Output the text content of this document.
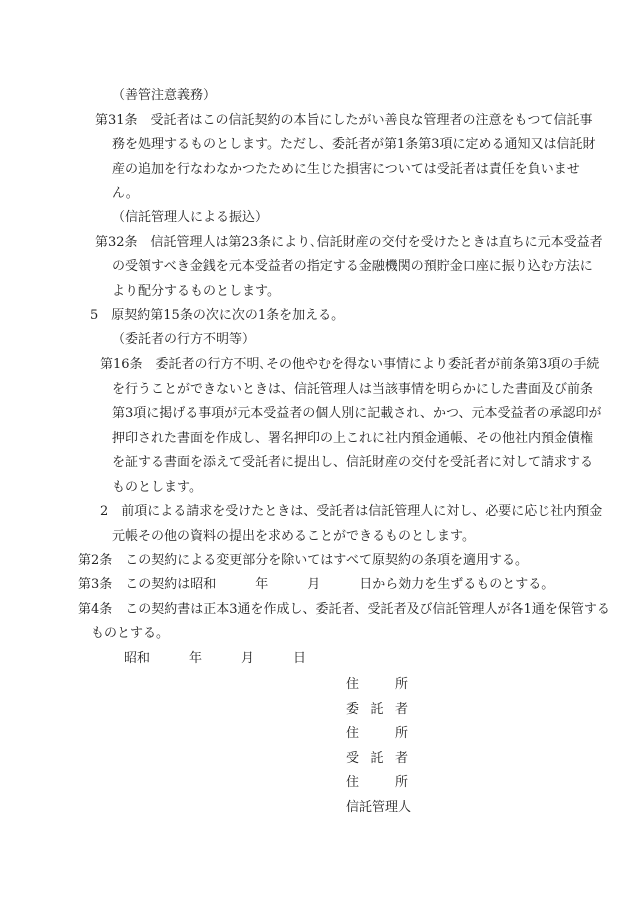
（善管注意義務）
第31条　受託者はこの信託契約の本旨にしたがい善良な管理者の注意をもつて信託事
務を処理するものとします。ただし、委託者が第1条第3項に定める通知又は信託財
産の追加を行なわなかつたために生じた損害については受託者は責任を負いませ
ん。
（信託管理人による振込）
第32条　信託管理人は第23条により､信託財産の交付を受けたときは直ちに元本受益者
の受領すべき金銭を元本受益者の指定する金融機関の預貯金口座に振り込む方法に
より配分するものとします。
5　原契約第15条の次に次の1条を加える。
（委託者の行方不明等）
第16条　委託者の行方不明､その他やむを得ない事情により委託者が前条第3項の手続
を行うことができないときは、信託管理人は当該事情を明らかにした書面及び前条
第3項に掲げる事項が元本受益者の個人別に記載され、かつ、元本受益者の承認印が
押印された書面を作成し、署名押印の上これに社内預金通帳、その他社内預金債権
を証する書面を添えて受託者に提出し、信託財産の交付を受託者に対して請求する
ものとします。
2　前項による請求を受けたときは、受託者は信託管理人に対し、必要に応じ社内預金
元帳その他の資料の提出を求めることができるものとします。
第2条　この契約による変更部分を除いてはすべて原契約の条項を適用する。
第3条　この契約は昭和　　　年　　　月　　　日から効力を生ずるものとする。
第4条　この契約書は正本3通を作成し、委託者、受託者及び信託管理人が各1通を保管する
ものとする。
昭和　　　年　　　月　　　日
住　　所
委 託 者
住　　所
受 託 者
住　　所
信託管理人
